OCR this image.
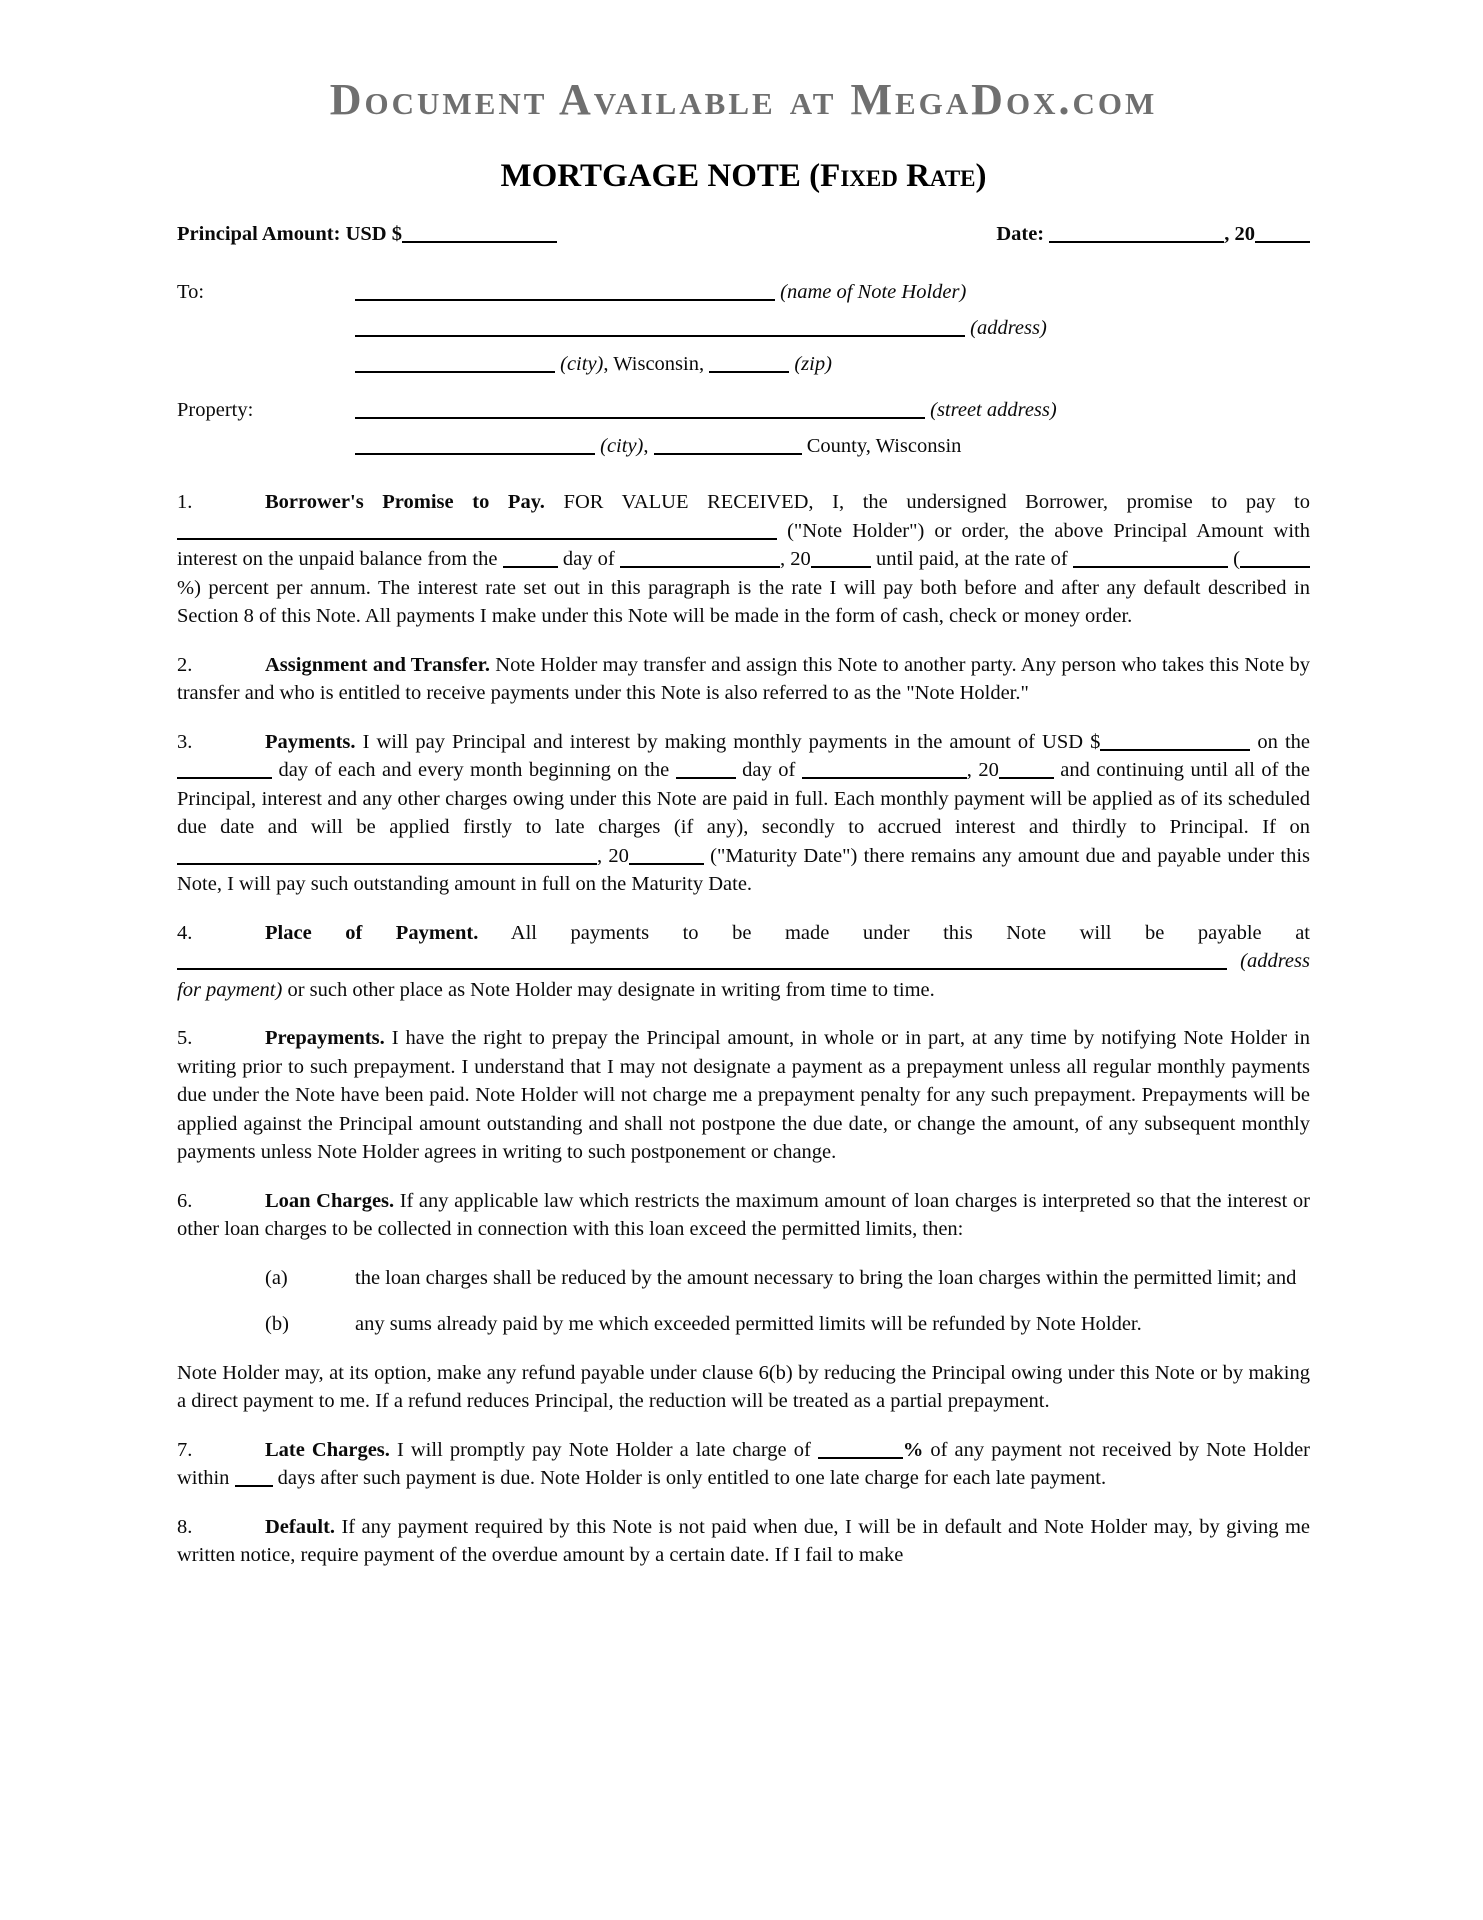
Document Available at MegaDox.com
MORTGAGE NOTE (Fixed Rate)
Principal Amount: USD $	Date:	, 20
To:	(name of Note Holder)
(address)
(city), Wisconsin,	(zip)
Property:	(street address)
(city),	County, Wisconsin

1.	Borrower's Promise to Pay. FOR VALUE RECEIVED, I, the undersigned Borrower, promise to pay to  ("Note Holder") or order, the above Principal Amount with interest on the unpaid balance from the	day of	, 20	until paid, at the rate of	(%) percent per annum. The interest rate set out in this paragraph is the rate I will pay both before and after any default described in Section 8 of this Note. All payments I make under this Note will be made in the form of cash, check or money order.

2.	Assignment and Transfer. Note Holder may transfer and assign this Note to another party. Any person who takes this Note by transfer and who is entitled to receive payments under this Note is also referred to as the "Note Holder."

3.	Payments. I will pay Principal and interest by making monthly payments in the amount of USD $	on the  day of each and every month beginning on the	day of	, 20	and continuing until all of the Principal, interest and any other charges owing under this Note are paid in full. Each monthly payment will be applied as of its scheduled due date and will be applied firstly to late charges (if any), secondly to accrued interest and thirdly to Principal. If on , 20	("Maturity Date") there remains any amount due and payable under this Note, I will pay such outstanding amount in full on the Maturity Date.

4.	Place of Payment. All payments to be made under this Note will be payable at  (address for payment) or such other place as Note Holder may designate in writing from time to time.

5.	Prepayments. I have the right to prepay the Principal amount, in whole or in part, at any time by notifying Note Holder in writing prior to such prepayment. I understand that I may not designate a payment as a prepayment unless all regular monthly payments due under the Note have been paid. Note Holder will not charge me a prepayment penalty for any such prepayment. Prepayments will be applied against the Principal amount outstanding and shall not postpone the due date, or change the amount, of any subsequent monthly payments unless Note Holder agrees in writing to such postponement or change.

6.	Loan Charges. If any applicable law which restricts the maximum amount of loan charges is interpreted so that the interest or other loan charges to be collected in connection with this loan exceed the permitted limits, then:

(a)	the loan charges shall be reduced by the amount necessary to bring the loan charges within the permitted limit; and
(b)	any sums already paid by me which exceeded permitted limits will be refunded by Note Holder.

Note Holder may, at its option, make any refund payable under clause 6(b) by reducing the Principal owing under this Note or by making a direct payment to me. If a refund reduces Principal, the reduction will be treated as a partial prepayment.

7.	Late Charges. I will promptly pay Note Holder a late charge of	% of any payment not received by Note Holder within  days after such payment is due. Note Holder is only entitled to one late charge for each late payment.

8.	Default. If any payment required by this Note is not paid when due, I will be in default and Note Holder may, by giving me written notice, require payment of the overdue amount by a certain date. If I fail to make
